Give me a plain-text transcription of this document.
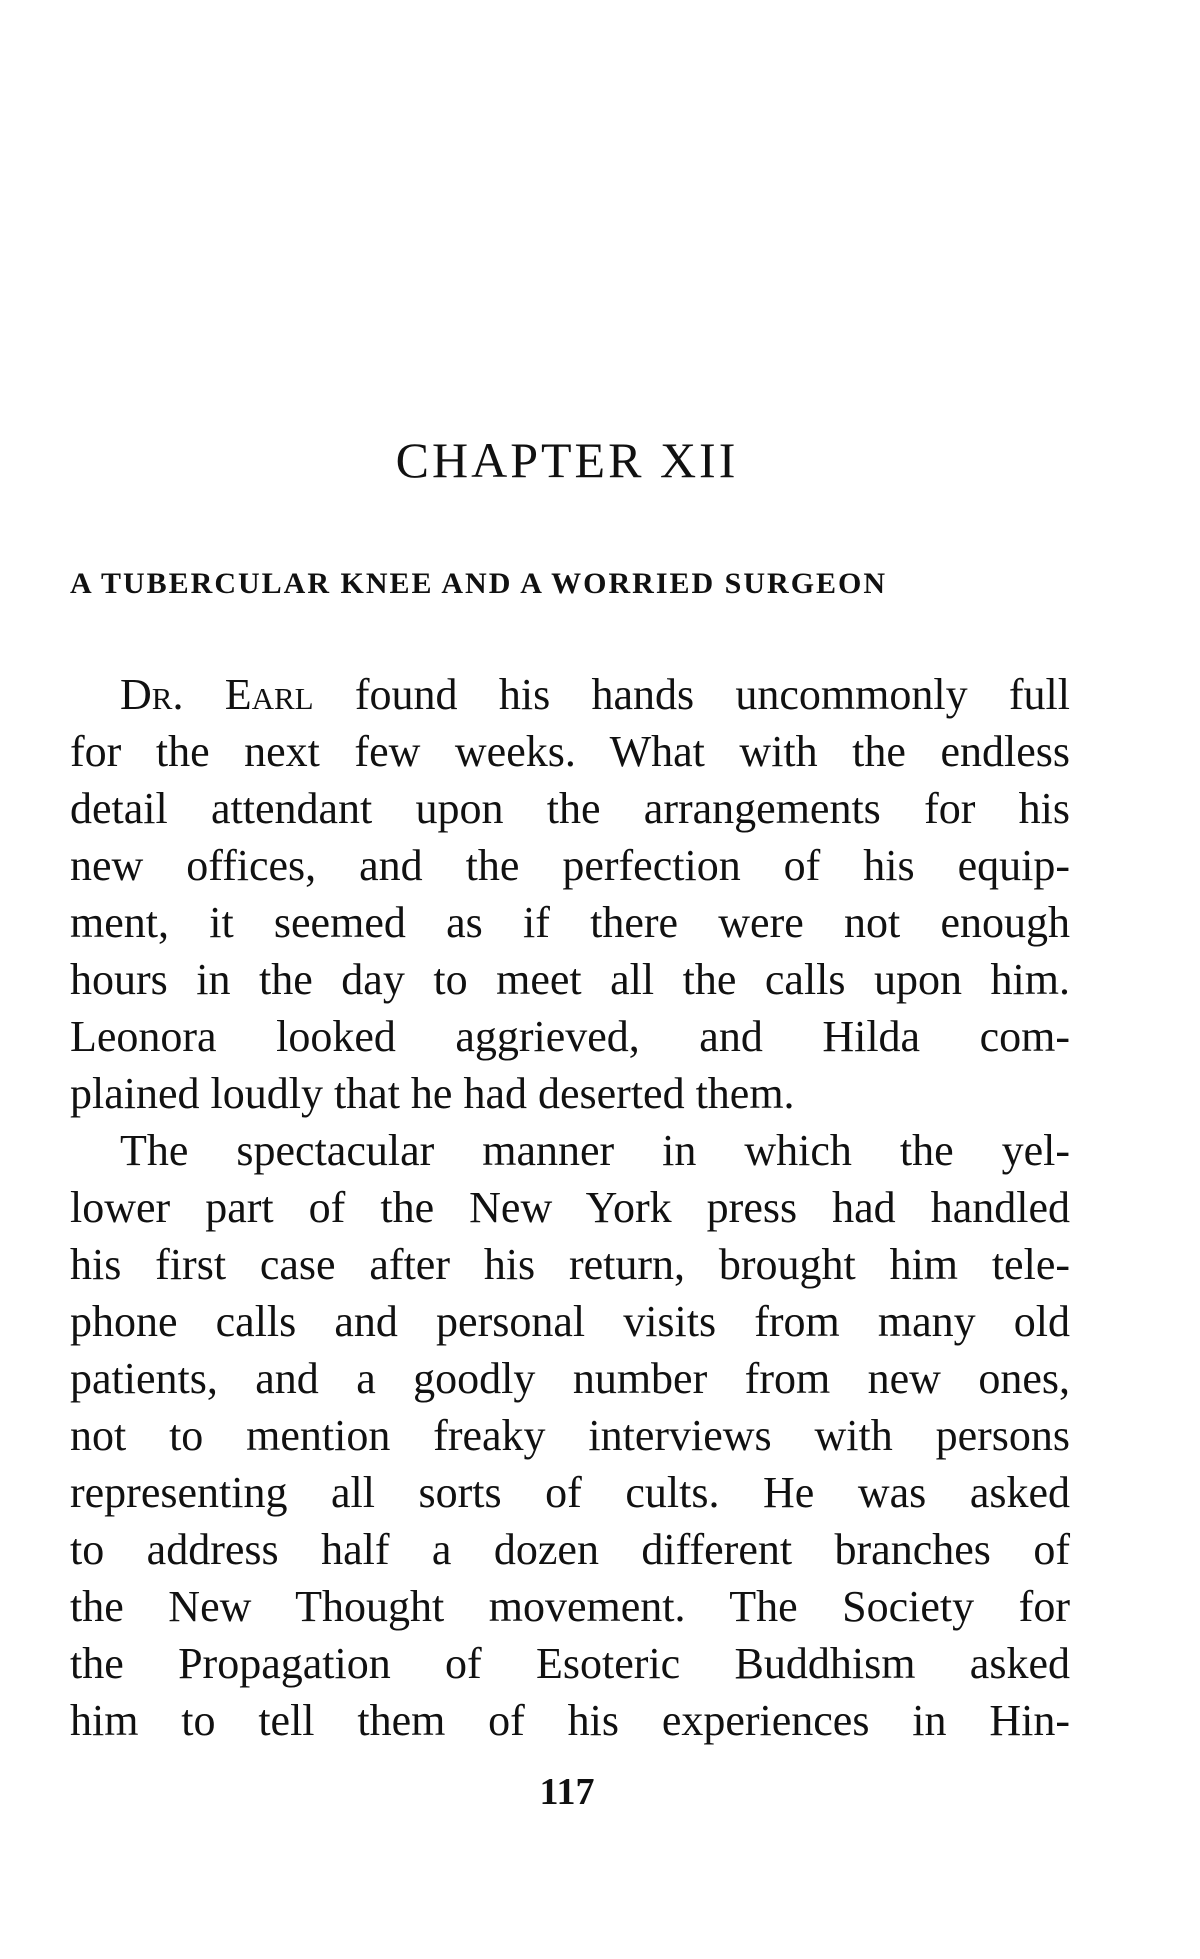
CHAPTER XII
A TUBERCULAR KNEE AND A WORRIED SURGEON
Dr. Earl found his hands uncommonly full
for the next few weeks. What with the endless
detail attendant upon the arrangements for his
new offices, and the perfection of his equip-
ment, it seemed as if there were not enough
hours in the day to meet all the calls upon him.
Leonora looked aggrieved, and Hilda com-
plained loudly that he had deserted them.
The spectacular manner in which the yel-
lower part of the New York press had handled
his first case after his return, brought him tele-
phone calls and personal visits from many old
patients, and a goodly number from new ones,
not to mention freaky interviews with persons
representing all sorts of cults. He was asked
to address half a dozen different branches of
the New Thought movement. The Society for
the Propagation of Esoteric Buddhism asked
him to tell them of his experiences in Hin-
117
